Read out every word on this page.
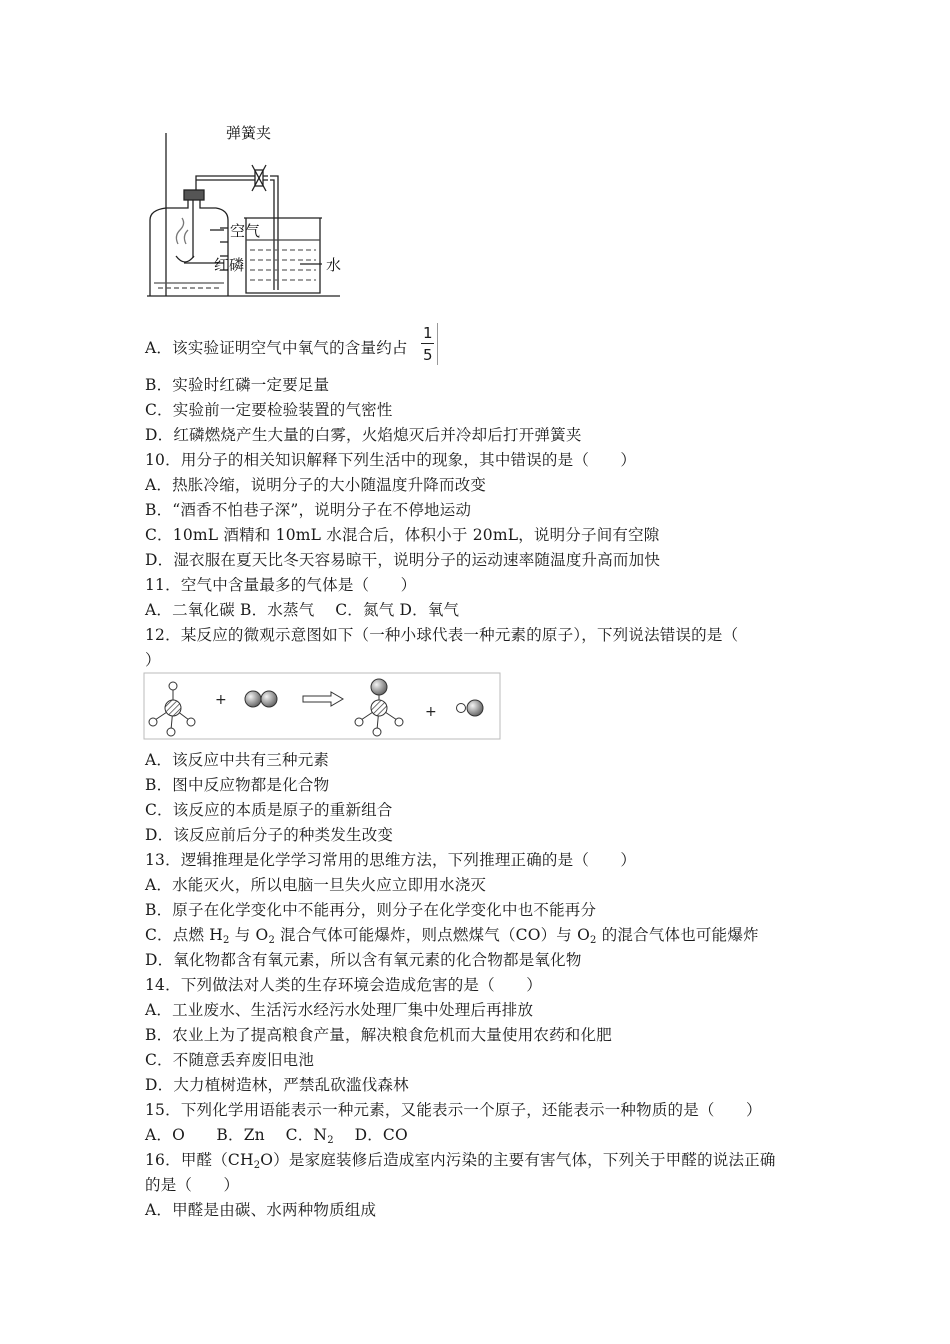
弹簧夹
空气
红磷	水
A．该实验证明空气中氧气的含量约占
1
5
B．实验时红磷一定要足量
C．实验前一定要检验装置的气密性
D．红磷燃烧产生大量的白雾，火焰熄灭后并冷却后打开弹簧夹
10．用分子的相关知识解释下列生活中的现象，其中错误的是（　　）
A．热胀冷缩，说明分子的大小随温度升降而改变
B．“酒香不怕巷子深”，说明分子在不停地运动
C．10mL 酒精和 10mL 水混合后，体积小于 20mL，说明分子间有空隙
D．湿衣服在夏天比冬天容易晾干，说明分子的运动速率随温度升高而加快
11．空气中含量最多的气体是（　　）
A．二氧化碳 B．水蒸气　 C．氮气 D．氧气
12．某反应的微观示意图如下（一种小球代表一种元素的原子），下列说法错误的是（
）
+
+
A．该反应中共有三种元素
B．图中反应物都是化合物
C．该反应的本质是原子的重新组合
D．该反应前后分子的种类发生改变
13．逻辑推理是化学学习常用的思维方法，下列推理正确的是（　　）
A．水能灭火，所以电脑一旦失火应立即用水浇灭
B．原子在化学变化中不能再分，则分子在化学变化中也不能再分
C．点燃 $H_2$ 与 $O_2$ 混合气体可能爆炸，则点燃煤气（CO）与 $O_2$ 的混合气体也可能爆炸
D．氧化物都含有氧元素，所以含有氧元素的化合物都是氧化物
14．下列做法对人类的生存环境会造成危害的是（　　）
A．工业废水、生活污水经污水处理厂集中处理后再排放
B．农业上为了提高粮食产量，解决粮食危机而大量使用农药和化肥
C．不随意丢弃废旧电池
D．大力植树造林，严禁乱砍滥伐森林
15．下列化学用语能表示一种元素，又能表示一个原子，还能表示一种物质的是（　　）
A．O　　B．Zn　 C．$N_2$　 D．CO
16．甲醛$(CH_2O)$是家庭装修后造成室内污染的主要有害气体，下列关于甲醛的说法正确
的是（　　）
A．甲醛是由碳、水两种物质组成
